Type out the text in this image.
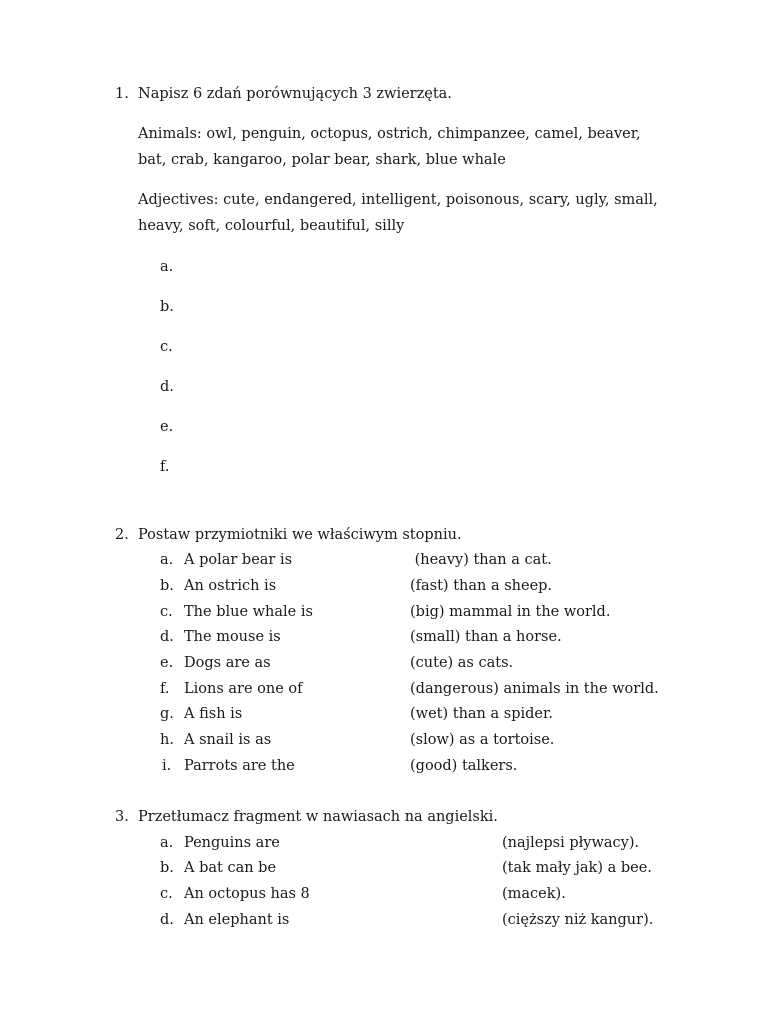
1. Napisz 6 zdań porównujących 3 zwierzęta.
Animals: owl, penguin, octopus, ostrich, chimpanzee, camel, beaver,
bat, crab, kangaroo, polar bear, shark, blue whale
Adjectives: cute, endangered, intelligent, poisonous, scary, ugly, small,
heavy, soft, colourful, beautiful, silly
a.
b.
c.
d.
e.
f.
2. Postaw przymiotniki we właściwym stopniu.
a. A polar bear is	(heavy) than a cat.
b. An ostrich is	(fast) than a sheep.
c. The blue whale is	(big) mammal in the world.
d. The mouse is	(small) than a horse.
e. Dogs are as	(cute) as cats.
f. Lions are one of	(dangerous) animals in the world.
g. A fish is	(wet) than a spider.
h. A snail is as	(slow) as a tortoise.
i. Parrots are the	(good) talkers.
3. Przetłumacz fragment w nawiasach na angielski.
a. Penguins are	(najlepsi pływacy).
b. A bat can be	(tak mały jak) a bee.
c. An octopus has 8	(macek).
d. An elephant is	(cięższy niż kangur).
